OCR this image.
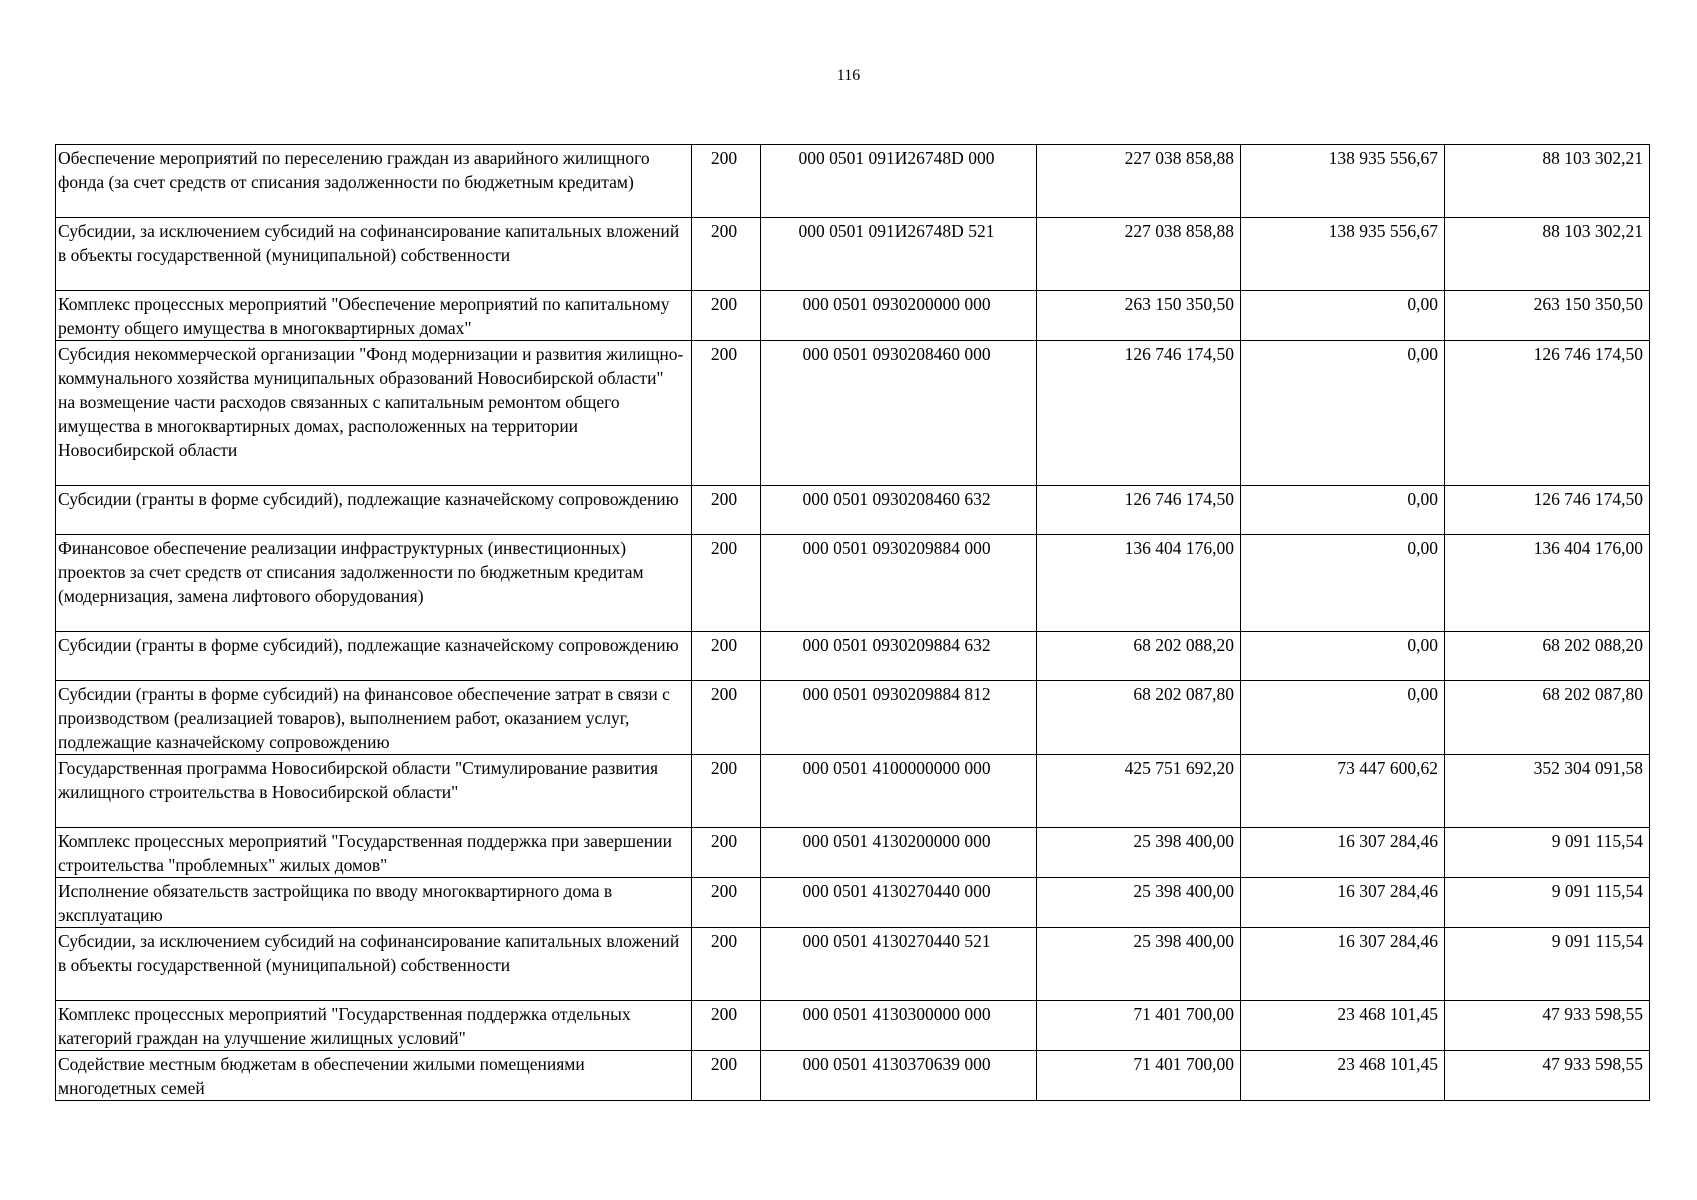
116
Обеспечение мероприятий по переселению граждан из аварийного жилищного фонда (за счет средств от списания задолженности по бюджетным кредитам)	200	000 0501 091И26748D 000	227 038 858,88	138 935 556,67	88 103 302,21
Субсидии, за исключением субсидий на софинансирование капитальных вложений в объекты государственной (муниципальной) собственности	200	000 0501 091И26748D 521	227 038 858,88	138 935 556,67	88 103 302,21
Комплекс процессных мероприятий "Обеспечение мероприятий по капитальному ремонту общего имущества в многоквартирных домах"	200	000 0501 0930200000 000	263 150 350,50	0,00	263 150 350,50
Субсидия некоммерческой организации "Фонд модернизации и развития жилищно-коммунального хозяйства муниципальных образований Новосибирской области" на возмещение части расходов связанных с капитальным ремонтом общего имущества в многоквартирных домах, расположенных на территории Новосибирской области	200	000 0501 0930208460 000	126 746 174,50	0,00	126 746 174,50
Субсидии (гранты в форме субсидий), подлежащие казначейскому сопровождению	200	000 0501 0930208460 632	126 746 174,50	0,00	126 746 174,50
Финансовое обеспечение реализации инфраструктурных (инвестиционных) проектов за счет средств от списания задолженности по бюджетным кредитам (модернизация, замена лифтового оборудования)	200	000 0501 0930209884 000	136 404 176,00	0,00	136 404 176,00
Субсидии (гранты в форме субсидий), подлежащие казначейскому сопровождению	200	000 0501 0930209884 632	68 202 088,20	0,00	68 202 088,20
Субсидии (гранты в форме субсидий) на финансовое обеспечение затрат в связи с производством (реализацией товаров), выполнением работ, оказанием услуг, подлежащие казначейскому сопровождению	200	000 0501 0930209884 812	68 202 087,80	0,00	68 202 087,80
Государственная программа Новосибирской области "Стимулирование развития жилищного строительства в Новосибирской области"	200	000 0501 4100000000 000	425 751 692,20	73 447 600,62	352 304 091,58
Комплекс процессных мероприятий "Государственная поддержка при завершении строительства "проблемных" жилых домов"	200	000 0501 4130200000 000	25 398 400,00	16 307 284,46	9 091 115,54
Исполнение обязательств застройщика по вводу многоквартирного дома в эксплуатацию	200	000 0501 4130270440 000	25 398 400,00	16 307 284,46	9 091 115,54
Субсидии, за исключением субсидий на софинансирование капитальных вложений в объекты государственной (муниципальной) собственности	200	000 0501 4130270440 521	25 398 400,00	16 307 284,46	9 091 115,54
Комплекс процессных мероприятий "Государственная поддержка отдельных категорий граждан на улучшение жилищных условий"	200	000 0501 4130300000 000	71 401 700,00	23 468 101,45	47 933 598,55
Содействие местным бюджетам в обеспечении жилыми помещениями многодетных семей	200	000 0501 4130370639 000	71 401 700,00	23 468 101,45	47 933 598,55
